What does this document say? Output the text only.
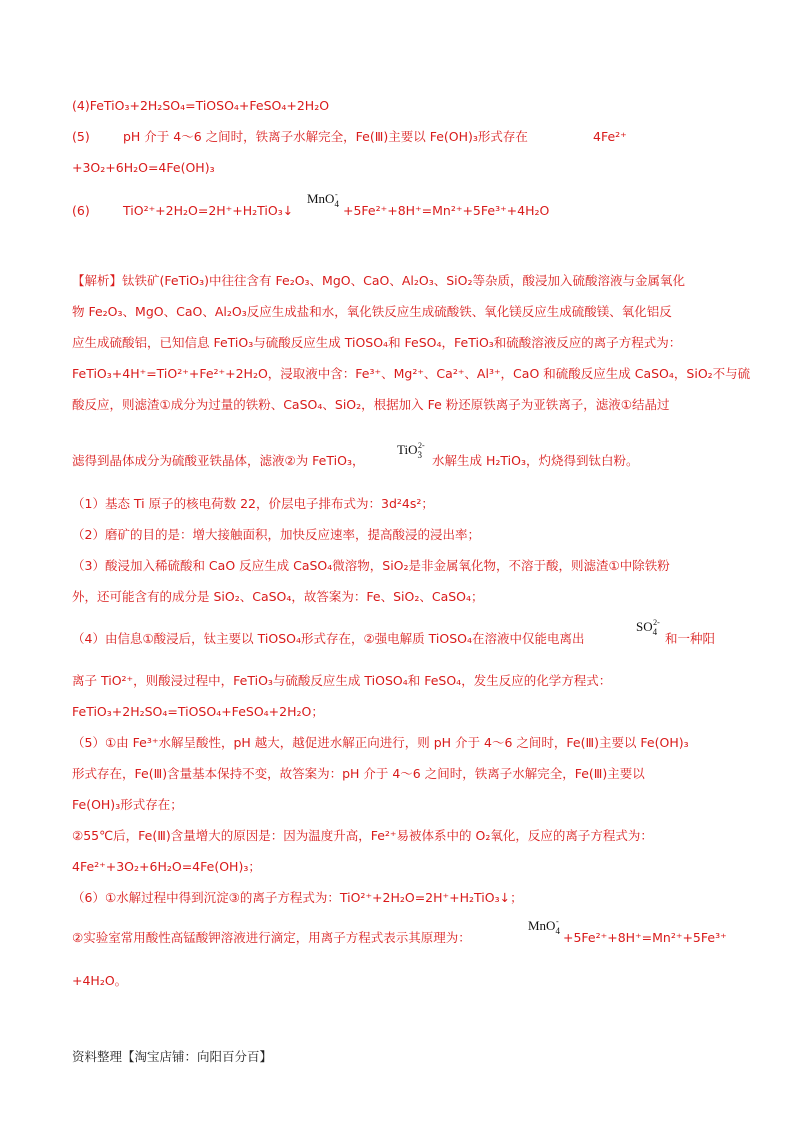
(4)FeTiO₃+2H₂SO₄=TiOSO₄+FeSO₄+2H₂O
(5)	pH 介于 4～6 之间时，铁离子水解完全，Fe(Ⅲ)主要以 Fe(OH)₃形式存在	4Fe²⁺
+3O₂+6H₂O=4Fe(OH)₃
(6)	TiO²⁺+2H₂O=2H⁺+H₂TiO₃↓
MnO$_4$-
+5Fe²⁺+8H⁺=Mn²⁺+5Fe³⁺+4H₂O
【解析】钛铁矿(FeTiO₃)中往往含有 Fe₂O₃、MgO、CaO、Al₂O₃、SiO₂等杂质，酸浸加入硫酸溶液与金属氧化
物 Fe₂O₃、MgO、CaO、Al₂O₃反应生成盐和水，氧化铁反应生成硫酸铁、氧化镁反应生成硫酸镁、氧化铝反
应生成硫酸铝，已知信息 FeTiO₃与硫酸反应生成 TiOSO₄和 FeSO₄，FeTiO₃和硫酸溶液反应的离子方程式为：
FeTiO₃+4H⁺=TiO²⁺+Fe²⁺+2H₂O，浸取液中含：Fe³⁺、Mg²⁺、Ca²⁺、Al³⁺，CaO 和硫酸反应生成 CaSO₄，SiO₂不与硫
酸反应，则滤渣①成分为过量的铁粉、CaSO₄、SiO₂，根据加入 Fe 粉还原铁离子为亚铁离子，滤液①结晶过
滤得到晶体成分为硫酸亚铁晶体，滤液②为 FeTiO₃，
TiO$_3^{2-}$
水解生成 H₂TiO₃，灼烧得到钛白粉。
（1）基态 Ti 原子的核电荷数 22，价层电子排布式为：3d²4s²；
（2）磨矿的目的是：增大接触面积，加快反应速率，提高酸浸的浸出率；
（3）酸浸加入稀硫酸和 CaO 反应生成 CaSO₄微溶物，SiO₂是非金属氧化物，不溶于酸，则滤渣①中除铁粉
外，还可能含有的成分是 SiO₂、CaSO₄，故答案为：Fe、SiO₂、CaSO₄；
（4）由信息①酸浸后，钛主要以 TiOSO₄形式存在，②强电解质 TiOSO₄在溶液中仅能电离出
$SO_4^{2-}$
和一种阳
离子 TiO²⁺，则酸浸过程中，FeTiO₃与硫酸反应生成 TiOSO₄和 FeSO₄，发生反应的化学方程式：
FeTiO₃+2H₂SO₄=TiOSO₄+FeSO₄+2H₂O；
（5）①由 Fe³⁺水解呈酸性，pH 越大，越促进水解正向进行，则 pH 介于 4～6 之间时，Fe(Ⅲ)主要以 Fe(OH)₃
形式存在，Fe(Ⅲ)含量基本保持不变，故答案为：pH 介于 4～6 之间时，铁离子水解完全，Fe(Ⅲ)主要以
Fe(OH)₃形式存在；
②55℃后，Fe(Ⅲ)含量增大的原因是：因为温度升高，Fe²⁺易被体系中的 O₂氧化，反应的离子方程式为：
4Fe²⁺+3O₂+6H₂O=4Fe(OH)₃；
（6）①水解过程中得到沉淀③的离子方程式为：TiO²⁺+2H₂O=2H⁺+H₂TiO₃↓；
②实验室常用酸性高锰酸钾溶液进行滴定，用离子方程式表示其原理为：
MnO$_4$-
+5Fe²⁺+8H⁺=Mn²⁺+5Fe³⁺
+4H₂O。
资料整理【淘宝店铺：向阳百分百】
